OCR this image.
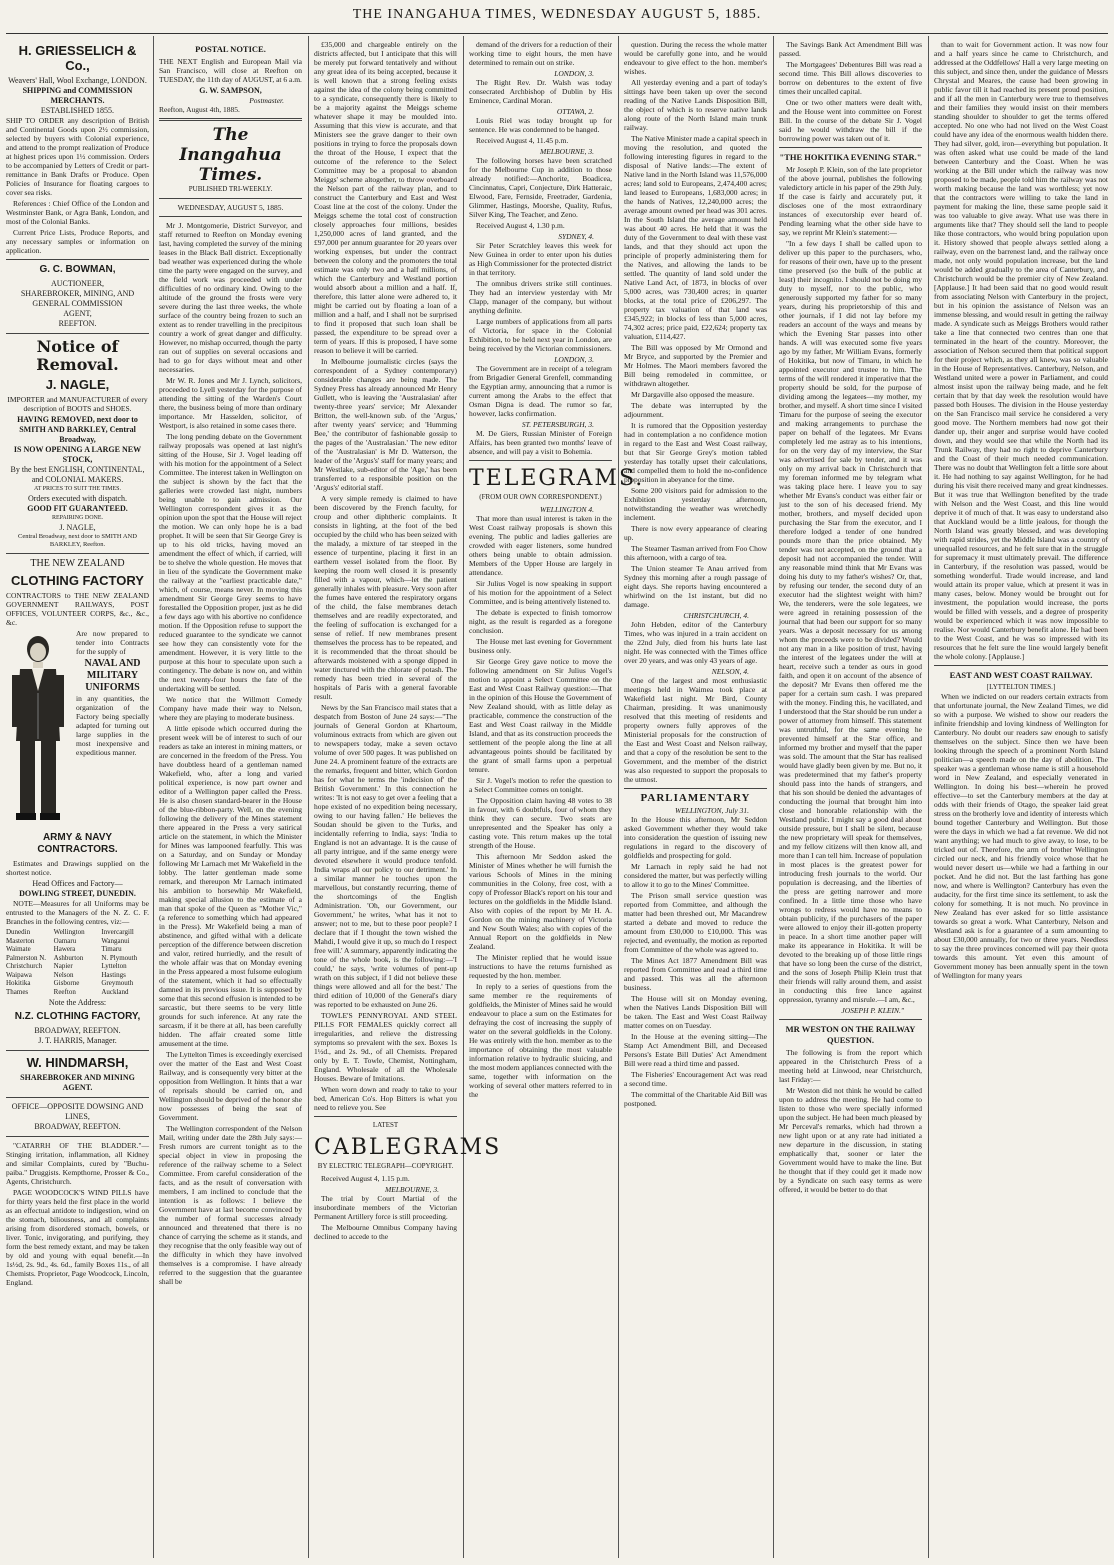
THE INANGAHUA TIMES, WEDNESDAY AUGUST 5, 1885.
H. GRIESSELICH & Co.,
Weavers' Hall, Wool Exchange, LONDON.
SHIPPING and COMMISSION MERCHANTS.
ESTABLISHED 1855.

SHIP TO ORDER any description of British and Continental Goods upon 2½ commission, selected by buyers with Colonial experience, and attend to the prompt realization of Produce at highest prices upon 1½ commission. Orders to be accompanied by Letters of Credit or part-remittance in Bank Drafts or Produce. Open Policies of Insurance for floating cargoes to cover sea risks.

References : Chief Office of the London and Westminster Bank, or Agra Bank, London, and most of the Colonial Banks.

Current Price Lists, Produce Reports, and any necessary samples or information on application.

G. C. BOWMAN,
AUCTIONEER,
SHAREBROKER, MINING, AND GENERAL COMMISSION
AGENT,
REEFTON.
Notice of Removal.
J. NAGLE,

IMPORTER and MANUFACTURER of every description of BOOTS and SHOES.

HAVING REMOVED, next door to SMITH AND BARKLEY, Central Broadway,
IS NOW OPENING A LARGE NEW STOCK,
By the best ENGLISH, CONTINENTAL, and COLONIAL MAKERS.
AT PRICES TO SUIT THE TIMES.
Orders executed with dispatch.
GOOD FIT GUARANTEED.
REPAIRING DONE.
J. NAGLE,
Central Broadway, next door to SMITH AND BARKLEY, Reefton.
THE NEW ZEALAND
CLOTHING FACTORY

CONTRACTORS to THE NEW ZEALAND GOVERNMENT RAILWAYS, POST OFFICES, VOLUNTEER CORPS, &c., &c., &c.

Are now prepared to tender into Contracts for the supply of

NAVAL AND MILITARY UNIFORMS

in any quantities, the organization of the Factory being specially adapted for turning out large supplies in the most inexpensive and expeditious manner.

ARMY & NAVY CONTRACTORS.

Estimates and Drawings supplied on the shortest notice.

Head Offices and Factory—
DOWLING STREET, DUNEDIN.

NOTE—Measures for all Uniforms may be entrusted to the Managers of the N. Z. C. F. Branches in the following centres, viz:—

Dunedin	Wellington	Invercargill
Masterton	Oamaru	Wanganui
Waimate	Hawera	Timaru
Palmerston N.	Ashburton	N. Plymouth
Christchurch	Napier	Lyttelton
Waipawa	Nelson	Hastings
Hokitika	Gisborne	Greymouth
Thames	Reefton	Auckland
Note the Address:
N.Z. CLOTHING FACTORY,
BROADWAY, REEFTON.
J. T. HARRIS, Manager.
W. HINDMARSH,
SHAREBROKER AND MINING AGENT.
OFFICE—OPPOSITE DOWSING AND LINES,
BROADWAY, REEFTON.

"CATARRH OF THE BLADDER."—Stinging irritation, inflammation, all Kidney and similar Complaints, cured by "Buchu-paiba." Druggists. Kempthorne, Prosser & Co., Agents, Christchurch.

PAGE WOODCOCK'S WIND PILLS have for thirty years held the first place in the world as an effectual antidote to indigestion, wind on the stomach, biliousness, and all complaints arising from disordered stomach, bowels, or liver. Tonic, invigorating, and purifying, they form the best remedy extant, and may be taken by old and young with equal benefit.—In 1s½d, 2s. 9d., 4s. 6d., family Boxes 11s., of all Chemists. Proprietor, Page Woodcock, Lincoln, England.

POSTAL NOTICE.

THE NEXT English and European Mail via San Francisco, will close at Reefton on TUESDAY, the 11th day of AUGUST, at 6 a.m.

G. W. SAMPSON,
Postmaster.

Reefton, August 4th, 1885.

The Inangahua Times.
PUBLISHED TRI-WEEKLY.
WEDNESDAY, AUGUST 5, 1885.

Mr J. Montgomerie, District Surveyor, and staff returned to Reefton on Monday evening last, having completed the survey of the mining leases in the Black Ball district. Exceptionally bad weather was experienced during the whole time the party were engaged on the survey, and the field work was proceeded with under difficulties of no ordinary kind. Owing to the altitude of the ground the frosts were very severe during the last three weeks, the whole surface of the country being frozen to such an extent as to render travelling in the precipitous country a work of great danger and difficulty. However, no mishap occurred, though the party ran out of supplies on several occasions and had to go for days without meat and other necessaries.

Mr W. R. Jones and Mr J. Lynch, solicitors, proceeded to Lyell yesterday for the purpose of attending the sitting of the Warden's Court there, the business being of more than ordinary importance. Mr Hasselden, solicitor, of Westport, is also retained in some cases there.

The long pending debate on the Government railway proposals was opened at last night's sitting of the House, Sir J. Vogel leading off with his motion for the appointment of a Select Committee. The interest taken in Wellington on the subject is shown by the fact that the galleries were crowded last night, numbers being unable to gain admission. Our Wellington correspondent gives it as the opinion upon the spot that the House will reject the motion. We can only hope he is a bad prophet. It will be seen that Sir George Grey is up to his old tricks, having moved an amendment the effect of which, if carried, will be to shelve the whole question. He moves that in lieu of the syndicate the Government make the railway at the "earliest practicable date," which, of course, means never. In moving this amendment Sir George Grey seems to have forestalled the Opposition proper, just as he did a few days ago with his abortive no confidence motion. If the Opposition refuse to support the reduced guarantee to the syndicate we cannot see how they can consistently vote for the amendment. However, it is very little to the purpose at this hour to speculate upon such a contingency. The debate is now on, and within the next twenty-four hours the fate of the undertaking will be settled.

We notice that the Willmott Comedy Company have made their way to Nelson, where they are playing to moderate business.

A little episode which occurred during the present week will be of interest to such of our readers as take an interest in mining matters, or are concerned in the freedom of the Press. You have doubtless heard of a gentleman named Wakefield, who, after a long and varied political experience, is now part owner and editor of a Wellington paper called the Press. He is also chosen standard-bearer in the House of the blue-ribbon-party. Well, on the evening following the delivery of the Mines statement there appeared in the Press a very satirical article on the statement, in which the Minister for Mines was lampooned fearfully. This was on a Saturday, and on Sunday or Monday following Mr Larnach met Mr Wakefield in the lobby. The latter gentleman made some remark, and thereupon Mr Larnach intimated his ambition to horsewhip Mr Wakefield, making special allusion to the estimate of a man that spoke of the Queen as "Mother Vic," (a reference to something which had appeared in the Press). Mr Wakefield being a man of abstinence, and gifted withal with a delicate perception of the difference between discretion and valor, retired hurriedly, and the result of the whole affair was that on Monday evening in the Press appeared a most fulsome eulogium of the statement, which it had so effectually damned in its previous issue. It is supposed by some that this second effusion is intended to be sarcastic, but there seems to be very little grounds for such inference. At any rate the sarcasm, if it be there at all, has been carefully hidden. The affair created some little amusement at the time.

The Lyttelton Times is exceedingly exercised over the matter of the East and West Coast Railway, and is consequently very bitter at the opposition from Wellington. It hints that a war of reprisals should be carried on, and Wellington should be deprived of the honor she now possesses of being the seat of Government.

The Wellington correspondent of the Nelson Mail, writing under date the 28th July says:—Fresh rumors are current tonight as to the special object in view in proposing the reference of the railway scheme to a Select Committee. From careful consideration of the facts, and as the result of conversation with members, I am inclined to conclude that the intention is as follows: I believe the Government have at last become convinced by the number of formal successes already announced and threatened that there is no chance of carrying the scheme as it stands, and they recognise that the only feasible way out of the difficulty in which they have involved themselves is a compromise. I have already referred to the suggestion that the guarantee shall be

£35,000 and chargeable entirely on the districts affected, but I anticipate that this will be merely put forward tentatively and without any great idea of its being accepted, because it is well known that a strong feeling exists against the idea of the colony being committed to a syndicate, consequently there is likely to be a majority against the Meiggs scheme whatever shape it may be moulded into. Assuming that this view is accurate, and that Ministers see the grave danger to their own positions in trying to force the proposals down the throat of the House, I expect that the outcome of the reference to the Select Committee may be a proposal to abandon Meiggs' scheme altogether, to throw overboard the Nelson part of the railway plan, and to construct the Canterbury and East and West Coast line at the cost of the colony. Under the Meiggs scheme the total cost of construction closely approaches four millions, besides 1,250,000 acres of land granted, and the £97,000 per annum guarantee for 20 years over working expenses, but under the contract between the colony and the promoters the total estimate was only two and a half millions, of which the Canterbury and Westland portion would absorb about a million and a half. If, therefore, this latter alone were adhered to, it might be carried out by floating a loan of a million and a half, and I shall not be surprised to find it proposed that such loan shall be passed, the expenditure to be spread over a term of years. If this is proposed, I have some reason to believe it will be carried.

In Melbourne journalistic circles (says the correspondent of a Sydney contemporary) considerable changes are being made. The Sydney Press has already announced Mr Henry Gullett, who is leaving the 'Australasian' after twenty-three years' service; Mr Alexander Britton, the well-known sub. of the 'Argus,' after twenty years' service; and 'Humming Bee,' the contributor of fashionable gossip to the pages of the 'Australasian.' The new editor of the 'Australasian' is Mr D. Watterson, the leader of the 'Argus's' staff for many years; and Mr Westlake, sub-editor of the 'Age,' has been transferred to a responsible position on the 'Argus's' editorial staff.

A very simple remedy is claimed to have been discovered by the French faculty, for croup and other diphtheric complaints. It consists in lighting, at the foot of the bed occupied by the child who has been seized with the malady, a mixture of tar steeped in the essence of turpentine, placing it first in an earthern vessel isolated from the floor. By keeping the room well closed it is presently filled with a vapour, which—let the patient generally inhales with pleasure. Very soon after the fumes have entered the respiratory organs of the child, the false membranes detach themselves and are readily expectorated, and the feeling of suffocation is exchanged for a sense of relief. If new membranes present themselves the process has to be repeated, and it is recommended that the throat should be afterwards moistened with a sponge dipped in water tinctured with the chlorate of potash. The remedy has been tried in several of the hospitals of Paris with a general favorable result.

News by the San Francisco mail states that a despatch from Boston of June 24 says:—"The journals of General Gordon at Khartoum, voluminous extracts from which are given out to newspapers today, make a seven octavo volume of over 500 pages. It was published on June 24. A prominent feature of the extracts are the remarks, frequent and bitter, which Gordon has for what he terms the 'indecision of' the British Government.' In this connection he writes: 'It is not easy to get over a feeling that a hope existed of no expedition being necessary, owing to our having fallen.' He believes the Soudan should be given to the Turks, and incidentally referring to India, says: 'India to England is not an advantage. It is the cause of all party intrigue, and if the same energy were devoted elsewhere it would produce tenfold. India wraps all our policy to our detriment.' In a similar manner he touches upon the marvellous, but constantly recurring, theme of the shortcomings of the English Administration. 'Oh, our Government, our Government,' he writes, 'what has it not to answer; not to me, but to these poor people? I declare that if I thought the town wished the Mahdi, I would give it up, so much do I respect free will.' A summary, apparently indicating the tone of the whole book, is the following:—'I could,' he says, 'write volumes of pent-up wrath on this subject, if I did not believe these things were allowed and all for the best.' The third edition of 10,000 of the General's diary was reported to be exhausted on June 26.

TOWLE'S PENNYROYAL AND STEEL PILLS FOR FEMALES quickly correct all irregularities, and relieve the distressing symptoms so prevalent with the sex. Boxes 1s 1½d., and 2s. 9d., of all Chemists. Prepared only by E. T. Towle, Chemist, Nottingham, England. Wholesale of all the Wholesale Houses. Beware of Imitations.

When worn down and ready to take to your bed, American Co's. Hop Bitters is what you need to relieve you. See

LATEST
CABLEGRAMS
BY ELECTRIC TELEGRAPH—COPYRIGHT.

Received August 4, 1.15 p.m.

MELBOURNE, 3.

The trial by Court Martial of the insubordinate members of the Victorian Permanent Artillery force is still proceeding.

The Melbourne Omnibus Company having declined to accede to the

demand of the drivers for a reduction of their working time to eight hours, the men have determined to remain out on strike.

LONDON, 3.

The Right Rev. Dr. Walsh was today consecrated Archbishop of Dublin by His Eminence, Cardinal Moran.

OTTAWA, 2.

Louis Riel was today brought up for sentence. He was condemned to be hanged.

Received August 4, 11.45 p.m.

MELBOURNE, 3.

The following horses have been scratched for the Melbourne Cup in addition to those already notified:—Anchorite, Boadicea, Cincinnatus, Capri, Conjecture, Dirk Hatteraic, Elwood, Fare, Fernside, Freetrader, Gardenia, Glimmer, Hastings, Moorshe, Quality, Rufus, Silver King, The Teacher, and Zeno.

Received August 4, 1.30 p.m.

SYDNEY, 4.

Sir Peter Scratchley leaves this week for New Guinea in order to enter upon his duties as High Commissioner for the protected district in that territory.

The omnibus drivers strike still continues. They had an interview yesterday with Mr Clapp, manager of the company, but without anything definite.

Large numbers of applications from all parts of Victoria, for space in the Colonial Exhibition, to be held next year in London, are being received by the Victorian commissioners.

LONDON, 3.

The Government are in receipt of a telegram from Brigadier General Grenfell, commanding the Egyptian army, announcing that a rumor is current among the Arabs to the effect that Osman Digna is dead. The rumor so far, however, lacks confirmation.

ST. PETERSBURGH, 3.

M. De Giers, Russian Minister of Foreign Affairs, has been granted two months' leave of absence, and will pay a visit to Bohemia.

TELEGRAMS.
(FROM OUR OWN CORRESPONDENT.)
WELLINGTON 4.

That more than usual interest is taken in the West Coast railway proposals is shown this evening. The public and ladies galleries are crowded with eager listeners, some hundred others being unable to obtain admission. Members of the Upper House are largely in attendance.

Sir Julius Vogel is now speaking in support of his motion for the appointment of a Select Committee, and is being attentively listened to.

The debate is expected to finish tomorrow night, as the result is regarded as a foregone conclusion.

The House met last evening for Government business only.

Sir George Grey gave notice to move the following amendment on Sir Julius Vogel's motion to appoint a Select Committee on the East and West Coast Railway question:—That in the opinion of this House the Government of New Zealand should, with as little delay as practicable, commence the construction of the East and West Coast railway in the Middle Island, and that as its construction proceeds the settlement of the people along the line at all advantageous points should be facilitated by the grant of small farms upon a perpetual tenure.

Sir J. Vogel's motion to refer the question to a Select Committee comes on tonight.

The Opposition claim having 48 votes to 38 in favour, with 6 doubtfuls, four of whom they think they can secure. Two seats are unrepresented and the Speaker has only a casting vote. This return makes up the total strength of the House.

This afternoon Mr Seddon asked the Minister of Mines whether he will furnish the various Schools of Mines in the mining communities in the Colony, free cost, with a copy of Professor Black's report on his tour and lectures on the goldfields in the Middle Island. Also with copies of the report by Mr H. A. Gordon on the mining machinery of Victoria and New South Wales; also with copies of the Annual Report on the goldfields in New Zealand.

The Minister replied that he would issue instructions to have the returns furnished as requested by the hon. member.

In reply to a series of questions from the same member re the requirements of goldfields, the Minister of Mines said he would endeavour to place a sum on the Estimates for defraying the cost of increasing the supply of water on the several goldfields in the Colony. He was entirely with the hon. member as to the importance of obtaining the most valuable information relative to hydraulic sluicing, and the most modern appliances connected with the same, together with information on the working of several other matters referred to in the

question. During the recess the whole matter would be carefully gone into, and he would endeavour to give effect to the hon. member's wishes.

All yesterday evening and a part of today's sittings have been taken up over the second reading of the Native Lands Disposition Bill, the object of which is to reserve native lands along route of the North Island main trunk railway.

The Native Minister made a capital speech in moving the resolution, and quoted the following interesting figures in regard to the disposal of Native lands:—The extent of Native land in the North Island was 11,576,000 acres; land sold to Europeans, 2,474,400 acres; land leased to Europeans, 1,683,000 acres; in the hands of Natives, 12,240,000 acres; the average amount owned per head was 301 acres. In the South Island the average amount held was about 40 acres. He held that it was the duty of the Government to deal with these vast lands, and that they should act upon the principle of properly administering them for the Natives, and allowing the lands to be settled. The quantity of land sold under the Native Land Act, of 1873, in blocks of over 5,000 acres, was 730,400 acres; in quarter blocks, at the total price of £206,297. The property tax valuation of that land was £345,922; in blocks of less than 5,000 acres, 74,302 acres; price paid, £22,624; property tax valuation, £114,427.

The Bill was opposed by Mr Ormond and Mr Bryce, and supported by the Premier and Mr Holmes. The Maori members favored the Bill being remodeled in committee, or withdrawn altogether.

Mr Dargaville also opposed the measure.

The debate was interrupted by the adjournment.

It is rumored that the Opposition yesterday had in contemplation a no confidence motion in regard to the East and West Coast railway, but that Sir George Grey's motion tabled yesterday has totally upset their calculations, and compelled them to hold the no-confidence proposition in abeyance for the time.

Some 200 visitors paid for admission to the Exhibition yesterday afternoon, notwithstanding the weather was wretchedly inclement.

There is now every appearance of clearing up.

The Steamer Tasman arrived from Foo Chow this afternoon, with a cargo of tea.

The Union steamer Te Anau arrived from Sydney this morning after a rough passage of eight days. She reports having encountered a whirlwind on the 1st instant, but did no damage.

CHRISTCHURCH, 4.

John Hebden, editor of the Canterbury Times, who was injured in a train accident on the 22nd July, died from his hurts late last night. He was connected with the Times office over 20 years, and was only 43 years of age.

NELSON, 4.

One of the largest and most enthusiastic meetings held in Waimea took place at Wakefield last night. Mr Bird, County Chairman, presiding. It was unanimously resolved that this meeting of residents and property owners fully approves of the Ministerial proposals for the construction of the East and West Coast and Nelson railway, and that a copy of the resolution be sent to the Government, and the member of the district was also requested to support the proposals to the utmost.

PARLIAMENTARY
WELLINGTON, July 31.

In the House this afternoon, Mr Seddon asked Government whether they would take into consideration the question of issuing new regulations in regard to the discovery of goldfields and prospecting for gold.

Mr Larnach in reply said he had not considered the matter, but was perfectly willing to allow it to go to the Mines' Committee.

The Prison small service question was reported from Committee, and although the matter had been threshed out, Mr Macandrew started a debate and moved to reduce the amount from £30,000 to £10,000. This was rejected, and eventually, the motion as reported from Committee of the whole was agreed to.

The Mines Act 1877 Amendment Bill was reported from Committee and read a third time and passed. This was all the afternoon business.

The House will sit on Monday evening, when the Natives Lands Disposition Bill will be taken. The East and West Coast Railway matter comes on on Tuesday.

In the House at the evening sitting—The Stamp Act Amendment Bill, and Deceased Persons's Estate Bill Duties' Act Amendment Bill were read a third time and passed.

The Fisheries' Encouragement Act was read a second time.

The committal of the Charitable Aid Bill was postponed.

The Savings Bank Act Amendment Bill was passed.

The Mortgagees' Debentures Bill was read a second time. This Bill allows discoveries to borrow on debentures to the extent of five times their uncalled capital.

One or two other matters were dealt with, and the House went into committee on Forest Bill. In the course of the debate Sir J. Vogel said he would withdraw the bill if the borrowing power was taken out of it.

"THE HOKITIKA EVENING STAR."

Mr Joseph P. Klein, son of the late proprietor of the above journal, publishes the following valedictory article in his paper of the 29th July. If the case is fairly and accurately put, it discloses one of the most extraordinary instances of executorship ever heard of. Pending learning what the other side have to say, we reprint Mr Klein's statement:—

"In a few days I shall be called upon to deliver up this paper to the purchasers, who, for reasons of their own, have up to the present time preserved (so the bulk of the public at least) their incognito. I should not be doing my duty to myself, nor to the public, who generously supported my father for so many years, during his proprietorship of this and other journals, if I did not lay before my readers an account of the ways and means by which the Evening Star passes into other hands. A will was executed some five years ago by my father, Mr William Evans, formerly of Hokitika, but now of Timaru, in which he appointed executor and trustee to him. The terms of the will rendered it imperative that the property should be sold, for the purpose of dividing among the legatees—my mother, my brother, and myself. A short time since I visited Timaru for the purpose of seeing the executor and making arrangements to purchase the paper on behalf of the legatees. Mr Evans completely led me astray as to his intentions, for on the very day of my interview, the Star was advertised for sale by tender, and it was only on my arrival back in Christchurch that my foreman informed me by telegram what was taking place here. I leave you to say whether Mr Evans's conduct was either fair or just to the son of his deceased friend. My mother, brothers, and myself decided upon purchasing the Star from the executor, and I therefore lodged a tender of one hundred pounds more than the price obtained. My tender was not accepted, on the ground that a deposit had not accompanied the tender. Will any reasonable mind think that Mr Evans was doing his duty to my father's wishes? Or, that, by refusing our tender, the second duty of an executor had the slightest weight with him? We, the tenderers, were the sole legatees, we were agreed in retaining possession of the journal that had been our support for so many years. Was a deposit necessary for us among whom the proceeds were to be divided? Would not any man in a like position of trust, having the interest of the legatees under the will at heart, receive such a tender as ours in good faith, and open it on account of the absence of the deposit? Mr Evans then offered me the paper for a certain sum cash. I was prepared with the money. Finding this, he vacillated, and I understood that the Star should be run under a power of attorney from himself. This statement was untruthful, for the same evening he prevented himself at the Star office, and informed my brother and myself that the paper was sold. The amount that the Star has realised would have gladly been given by me. But no, it was predetermined that my father's property should pass into the hands of strangers, and that his son should be denied the advantages of conducting the journal that brought him into close and honorable relationship with the Westland public. I might say a good deal about outside pressure, but I shall be silent, because the new proprietary will speak for themselves, and my fellow citizens will then know all, and more than I can tell him. Increase of population in most places is the greatest power for introducing fresh journals to the world. Our population is decreasing, and the liberties of the press are getting narrower and more confined. In a little time those who have wrongs to redress would have no means to obtain publicity, if the purchasers of the paper were allowed to enjoy their ill-gotten property in peace. In a short time another paper will make its appearance in Hokitika. It will be devoted to the breaking up of those little rings that have so long been the curse of the district, and the sons of Joseph Philip Klein trust that their friends will rally around them, and assist in conducting this free lance against oppression, tyranny and misrule.—I am, &c.,

JOSEPH P. KLEIN."
MR WESTON ON THE RAILWAY QUESTION.

The following is from the report which appeared in the Christchurch Press of a meeting held at Linwood, near Christchurch, last Friday:—

Mr Weston did not think he would be called upon to address the meeting. He had come to listen to those who were specially informed upon the subject. He had been much pleased by Mr Perceval's remarks, which had thrown a new light upon or at any rate had initiated a new departure in the discussion, in stating emphatically that, sooner or later the Government would have to make the line. But he thought that if they could get it made now by a Syndicate on such easy terms as were offered, it would be better to do that

than to wait for Government action. It was now four and a half years since he came to Christchurch, and addressed at the Oddfellows' Hall a very large meeting on this subject, and since then, under the guidance of Messrs Chrystal and Meares, the cause had been growing in public favor till it had reached its present proud position, and if all the men in Canterbury were true to themselves and their families they would insist on their members standing shoulder to shoulder to get the terms offered accepted. No one who had not lived on the West Coast could have any idea of the enormous wealth hidden there. They had silver, gold, iron—everything but population. It was often asked what use could be made of the land between Canterbury and the Coast. When he was working at the Bill under which the railway was now proposed to be made, people told him the railway was not worth making because the land was worthless; yet now that the contractors were willing to take the land in payment for making the line, these same people said it was too valuable to give away. What use was there in arguments like that? They should sell the land to people like those contractors, who would bring population upon it. History showed that people always settled along a railway, even on the barrenest land, and the railway once made, not only would population increase, but the land would be added gradually to the area of Canterbury, and Christchurch would be the premier city of New Zealand. [Applause.] It had been said that no good would result from associating Nelson with Canterbury in the project, but in his opinion the assistance of Nelson was an immense blessing, and would result in getting the railway made. A syndicate such as Meiggs Brothers would rather take a line that connected two centres than one that terminated in the heart of the country. Moreover, the association of Nelson secured them that political support for their project which, as they all knew, was so valuable in the House of Representatives. Canterbury, Nelson, and Westland united were a power in Parliament, and could almost insist upon the railway being made, and he felt certain that by that day week the resolution would have passed both Houses. The division in the House yesterday on the San Francisco mail service he considered a very good move. The Northern members had now got their dander up, their anger and surprise would have cooled down, and they would see that while the North had its Trunk Railway, they had no right to deprive Canterbury and the Coast of their much needed communication. There was no doubt that Wellington felt a little sore about it. He had nothing to say against Wellington, for he had during his visit there received many and great kindnesses. But it was true that Wellington benefited by the trade with Nelson and the West Coast, and this line would deprive it of much of that. It was easy to understand also that Auckland would be a little jealous, for though the North Island was greatly blessed, and was developing with rapid strides, yet the Middle Island was a country of unequalled resources, and he felt sure that in the struggle for supremacy it must ultimately prevail. The difference in Canterbury, if the resolution was passed, would be something wonderful. Trade would increase, and land would attain its proper value, which at present it was in many cases, below. Money would be brought out for investment, the population would increase, the ports would be filled with vessels, and a degree of prosperity would be experienced which it was now impossible to realise. Nor would Canterbury benefit alone. He had been to the West Coast, and he was so impressed with its resources that he felt sure the line would largely benefit the whole colony. [Applause.]

EAST AND WEST COAST RAILWAY.
[LYTTELTON TIMES.]

When we indicted on our readers certain extracts from that unfortunate journal, the New Zealand Times, we did so with a purpose. We wished to show our readers the infinite friendship and loving kindness of Wellington for Canterbury. No doubt our readers saw enough to satisfy themselves on the subject. Since then we have been looking through the speech of a prominent North Island politician—a speech made on the day of abolition. The speaker was a gentleman whose name is still a household word in New Zealand, and especially venerated in Wellington. In doing his best—wherein he proved effective—to set the Canterbury members at the day at odds with their friends of Otago, the speaker laid great stress on the brotherly love and identity of interests which bound together Canterbury and Wellington. But those were the days in which we had a fat revenue. We did not want anything; we had much to give away, to lose, to be tricked out of. Therefore, the arm of brother Wellington circled our neck, and his friendly voice whose that he would never desert us—while we had a farthing in our pocket. And he did not. But the last farthing has gone now, and where is Wellington? Canterbury has even the audacity, for the first time since its settlement, to ask the colony for something. It is not much. No province in New Zealand has ever asked for so little assistance towards so great a work. What Canterbury, Nelson and Westland ask is for a guarantee of a sum amounting to about £30,000 annually, for two or three years. Needless to say the three provinces concerned will pay their quota towards this amount. Yet even this amount of Government money has been annually spent in the town of Wellington for many years
